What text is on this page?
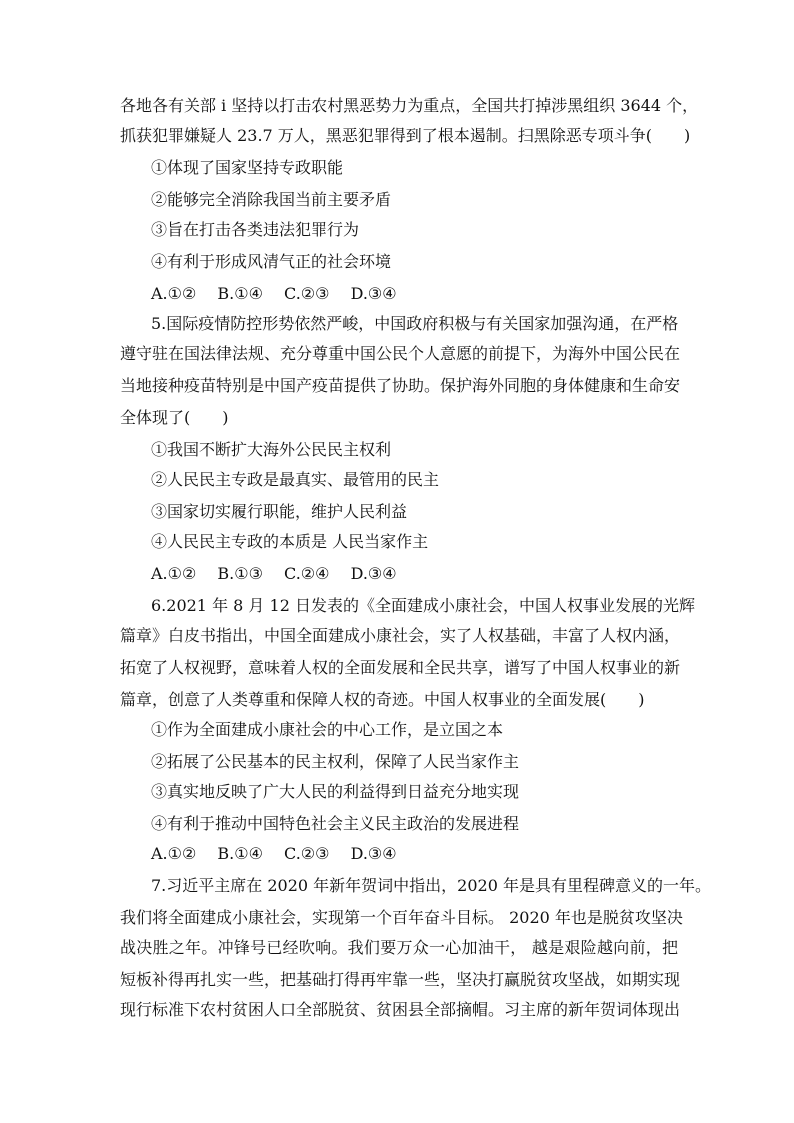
各地各有关部 i 坚持以打击农村黑恶势力为重点，全国共打掉涉黑组织 3644 个，
抓获犯罪嫌疑人 23.7 万人，黑恶犯罪得到了根本遏制。扫黑除恶专项斗争(　　)
①体现了国家坚持专政职能
②能够完全消除我国当前主要矛盾
③旨在打击各类违法犯罪行为
④有利于形成风清气正的社会环境
A.①②　 B.①④　 C.②③　 D.③④
5.国际疫情防控形势依然严峻，中国政府积极与有关国家加强沟通，在严格
遵守驻在国法律法规、充分尊重中国公民个人意愿的前提下，为海外中国公民在
当地接种疫苗特别是中国产疫苗提供了协助。保护海外同胞的身体健康和生命安
全体现了(　　)
①我国不断扩大海外公民民主权利
②人民民主专政是最真实、最管用的民主
③国家切实履行职能，维护人民利益
④人民民主专政的本质是 人民当家作主
A.①②　 B.①③　 C.②④　 D.③④
6.2021 年 8 月 12 日发表的《全面建成小康社会，中国人权事业发展的光辉
篇章》白皮书指出，中国全面建成小康社会，实了人权基础，丰富了人权内涵，
拓宽了人权视野，意味着人权的全面发展和全民共享，谱写了中国人权事业的新
篇章，创意了人类尊重和保障人权的奇迹。中国人权事业的全面发展(　　)
①作为全面建成小康社会的中心工作，是立国之本
②拓展了公民基本的民主权利，保障了人民当家作主
③真实地反映了广大人民的利益得到日益充分地实现
④有利于推动中国特色社会主义民主政治的发展进程
A.①②　 B.①④　 C.②③　 D.③④
7.习近平主席在 2020 年新年贺词中指出，2020 年是具有里程碑意义的一年。
我们将全面建成小康社会，实现第一个百年奋斗目标。 2020 年也是脱贫攻坚决
战决胜之年。冲锋号已经吹响。我们要万众一心加油干， 越是艰险越向前，把
短板补得再扎实一些，把基础打得再牢靠一些，坚决打赢脱贫攻坚战，如期实现
现行标准下农村贫困人口全部脱贫、贫困县全部摘帽。习主席的新年贺词体现出
